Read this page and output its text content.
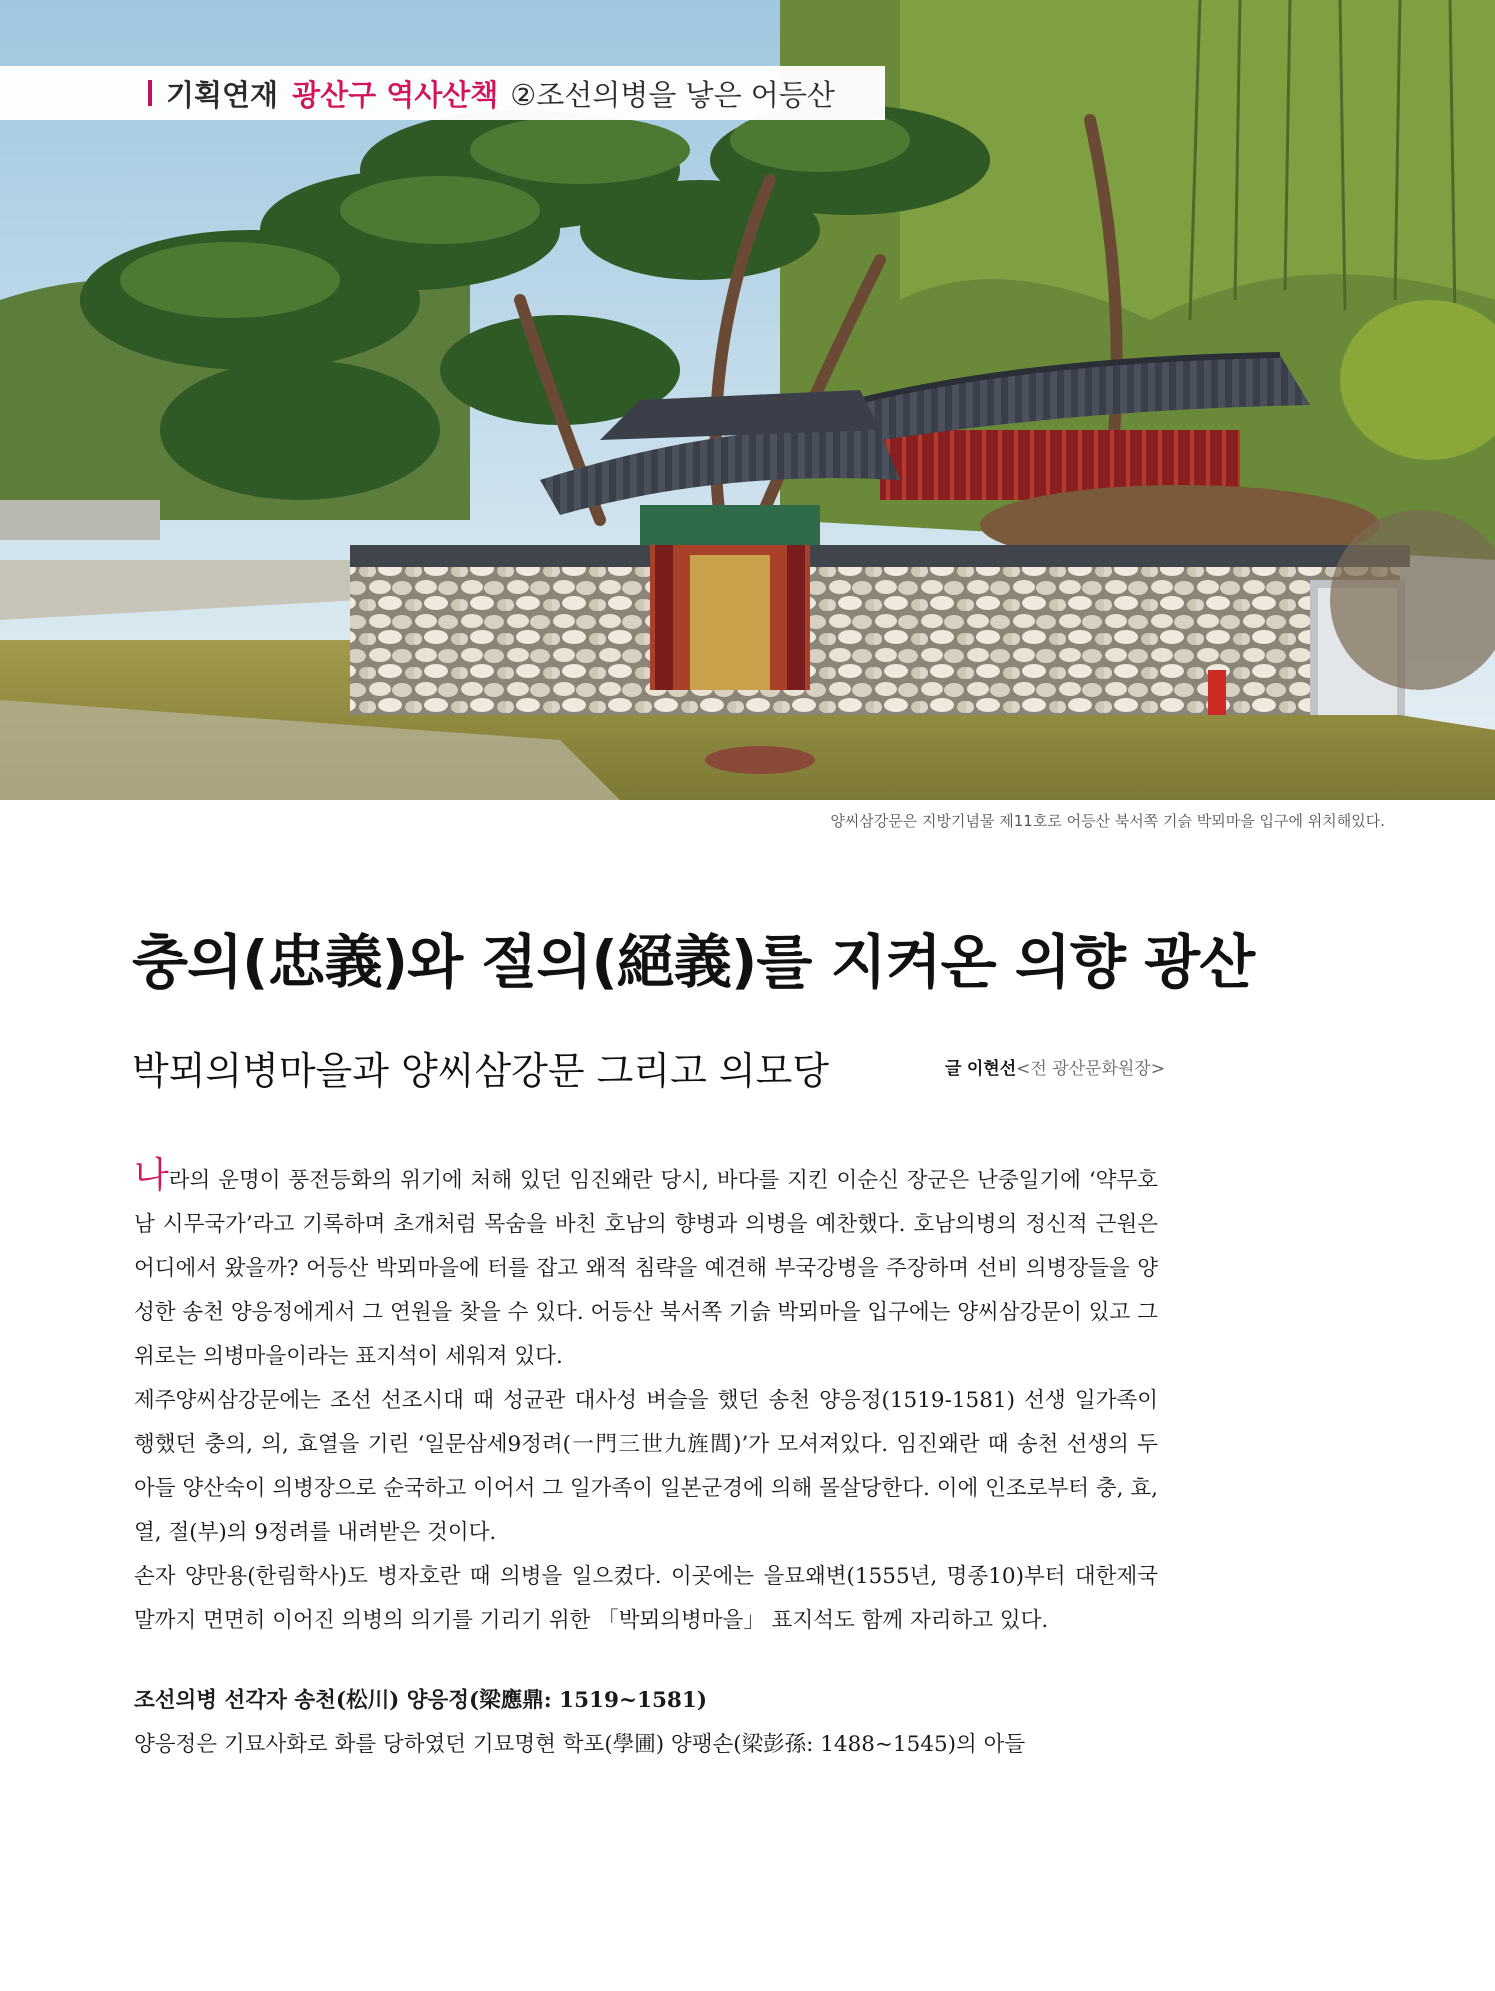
기획연재 광산구 역사산책 ②조선의병을 낳은 어등산
양씨삼강문은 지방기념물 제11호로 어등산 북서쪽 기슭 박뫼마을 입구에 위치해있다.
충의(忠義)와 절의(絕義)를 지켜온 의향 광산
박뫼의병마을과 양씨삼강문 그리고 의모당	글 이현선<전 광산문화원장>

나라의 운명이 풍전등화의 위기에 처해 있던 임진왜란 당시, 바다를 지킨 이순신 장군은 난중일기에 ‘약무호남 시무국가’라고 기록하며 초개처럼 목숨을 바친 호남의 향병과 의병을 예찬했다. 호남의병의 정신적 근원은 어디에서 왔을까? 어등산 박뫼마을에 터를 잡고 왜적 침략을 예견해 부국강병을 주장하며 선비 의병장들을 양성한 송천 양응정에게서 그 연원을 찾을 수 있다. 어등산 북서쪽 기슭 박뫼마을 입구에는 양씨삼강문이 있고 그 위로는 의병마을이라는 표지석이 세워져 있다.

제주양씨삼강문에는 조선 선조시대 때 성균관 대사성 벼슬을 했던 송천 양응정(1519-1581) 선생 일가족이 행했던 충의, 의, 효열을 기린 ‘일문삼세9정려(一門三世九旌閭)’가 모셔져있다. 임진왜란 때 송천 선생의 두 아들 양산숙이 의병장으로 순국하고 이어서 그 일가족이 일본군경에 의해 몰살당한다. 이에 인조로부터 충, 효, 열, 절(부)의 9정려를 내려받은 것이다.

손자 양만용(한림학사)도 병자호란 때 의병을 일으켰다. 이곳에는 을묘왜변(1555년, 명종10)부터 대한제국 말까지 면면히 이어진 의병의 의기를 기리기 위한 「박뫼의병마을」 표지석도 함께 자리하고 있다.

조선의병 선각자 송천(松川) 양응정(梁應鼎: 1519~1581)

양응정은 기묘사화로 화를 당하였던 기묘명현 학포(學圃) 양팽손(梁彭孫: 1488~1545)의 아들
